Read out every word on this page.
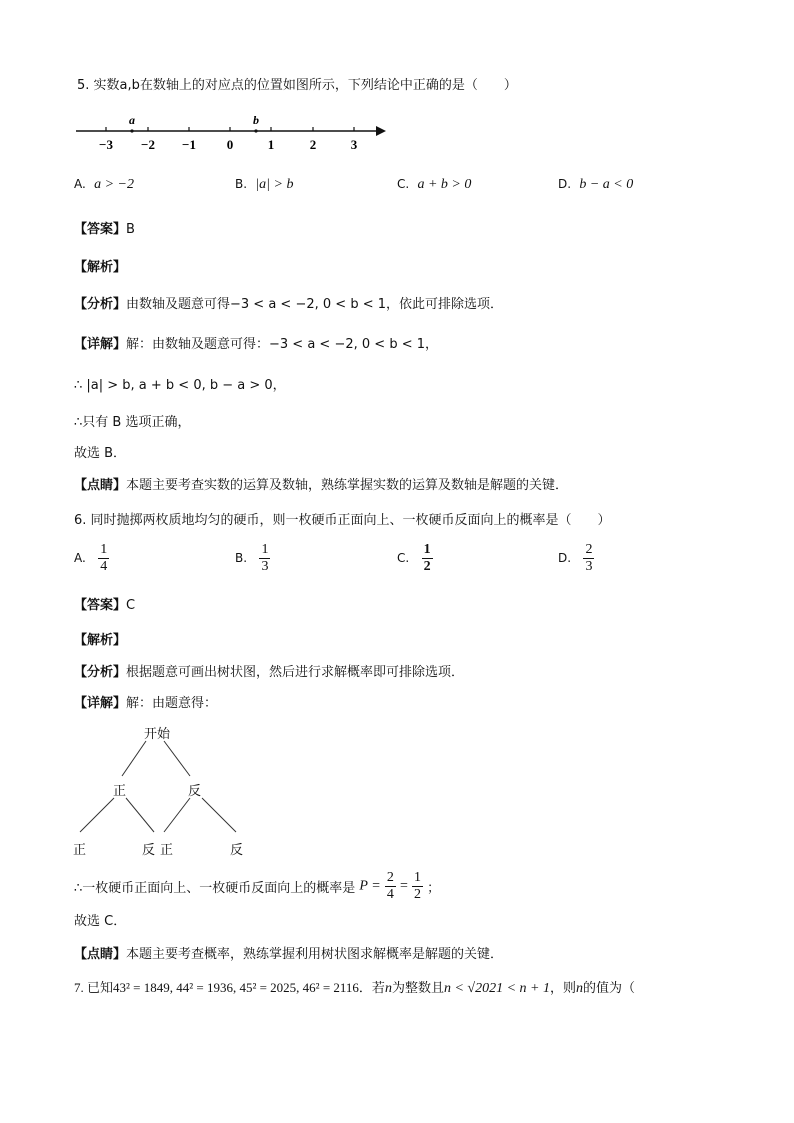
5. 实数a,b在数轴上的对应点的位置如图所示，下列结论中正确的是（　　）
a	b
−3 −2 −1 0	1	2	3
A. a > −2	B. |a| > b	C. a + b > 0	D. b − a < 0
【答案】B
【解析】
【分析】由数轴及题意可得−3 < a < −2, 0 < b < 1，依此可排除选项．
【详解】解：由数轴及题意可得：−3 < a < −2, 0 < b < 1，
∴ |a| > b, a + b < 0, b − a > 0，
∴只有 B 选项正确，
故选 B．
【点睛】本题主要考查实数的运算及数轴，熟练掌握实数的运算及数轴是解题的关键．
6. 同时抛掷两枚质地均匀的硬币，则一枚硬币正面向上、一枚硬币反面向上的概率是（　　）
A. $\frac{1}{4}$	B. $\frac{1}{3}$	C. $\frac{1}{2}$	D. $\frac{2}{3}$
【答案】C
【解析】
【分析】根据题意可画出树状图，然后进行求解概率即可排除选项．
【详解】解：由题意得：
开始
正	反
正	反 正	反
∴一枚硬币正面向上、一枚硬币反面向上的概率是 $P = \frac{2}{4} = \frac{1}{2}$ ；
故选 C．
【点睛】本题主要考查概率，熟练掌握利用树状图求解概率是解题的关键．
7. 已知43² = 1849, 44² = 1936, 45² = 2025, 46² = 2116．若n为整数且n < √2021 < n + 1，则n的值为（
